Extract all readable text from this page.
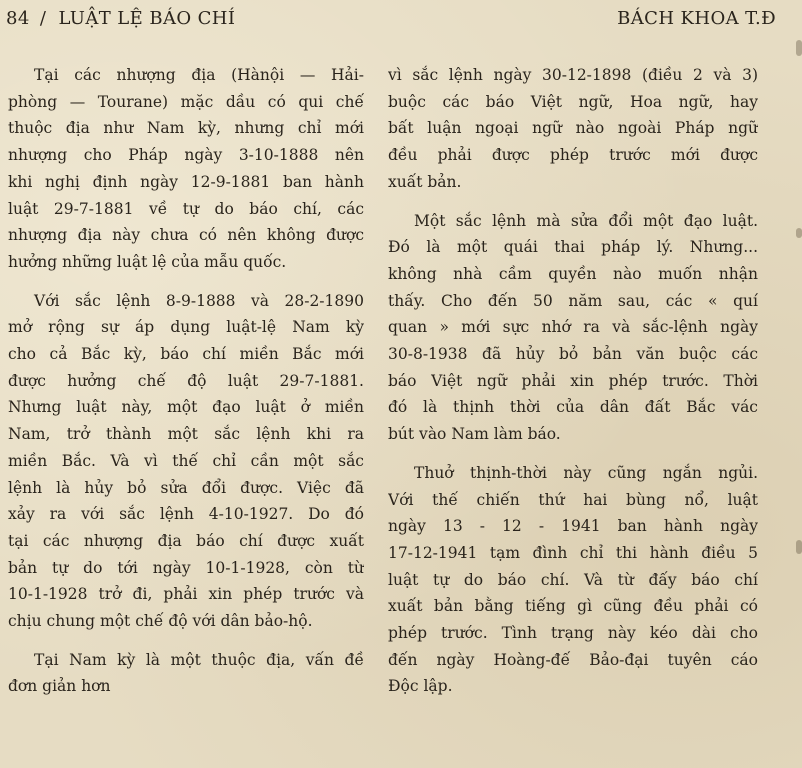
84 / LUẬT LỆ BÁO CHÍ	BÁCH KHOA T.Đ
Tại các nhượng địa (Hànội — Hải-
phòng — Tourane) mặc dầu có qui chế
thuộc địa như Nam kỳ, nhưng chỉ mới
nhượng cho Pháp ngày 3-10-1888 nên
khi nghị định ngày 12-9-1881 ban hành
luật 29-7-1881 về tự do báo chí, các
nhượng địa này chưa có nên không được
hưởng những luật lệ của mẫu quốc.
Với sắc lệnh 8-9-1888 và 28-2-1890
mở rộng sự áp dụng luật-lệ Nam kỳ
cho cả Bắc kỳ, báo chí miền Bắc mới
được hưởng chế độ luật 29-7-1881.
Nhưng luật này, một đạo luật ở miền
Nam, trở thành một sắc lệnh khi ra
miền Bắc. Và vì thế chỉ cần một sắc
lệnh là hủy bỏ sửa đổi được. Việc đã
xảy ra với sắc lệnh 4-10-1927. Do đó
tại các nhượng địa báo chí được xuất
bản tự do tới ngày 10-1-1928, còn từ
10-1-1928 trở đi, phải xin phép trước và
chịu chung một chế độ với dân bảo-hộ.
Tại Nam kỳ là một thuộc địa, vấn đề
đơn giản hơn
vì sắc lệnh ngày 30-12-1898 (điều 2 và 3)
buộc các báo Việt ngữ, Hoa ngữ, hay
bất luận ngoại ngữ nào ngoài Pháp ngữ
đều phải được phép trước mới được
xuất bản.
Một sắc lệnh mà sửa đổi một đạo luật.
Đó là một quái thai pháp lý. Nhưng...
không nhà cầm quyền nào muốn nhận
thấy. Cho đến 50 năm sau, các « quí
quan » mới sực nhớ ra và sắc-lệnh ngày
30-8-1938 đã hủy bỏ bản văn buộc các
báo Việt ngữ phải xin phép trước. Thời
đó là thịnh thời của dân đất Bắc vác
bút vào Nam làm báo.
Thuở thịnh-thời này cũng ngắn ngủi.
Với thế chiến thứ hai bùng nổ, luật
ngày 13 - 12 - 1941 ban hành ngày
17-12-1941 tạm đình chỉ thi hành điều 5
luật tự do báo chí. Và từ đấy báo chí
xuất bản bằng tiếng gì cũng đều phải có
phép trước. Tình trạng này kéo dài cho
đến ngày Hoàng-đế Bảo-đại tuyên cáo
Độc lập.
